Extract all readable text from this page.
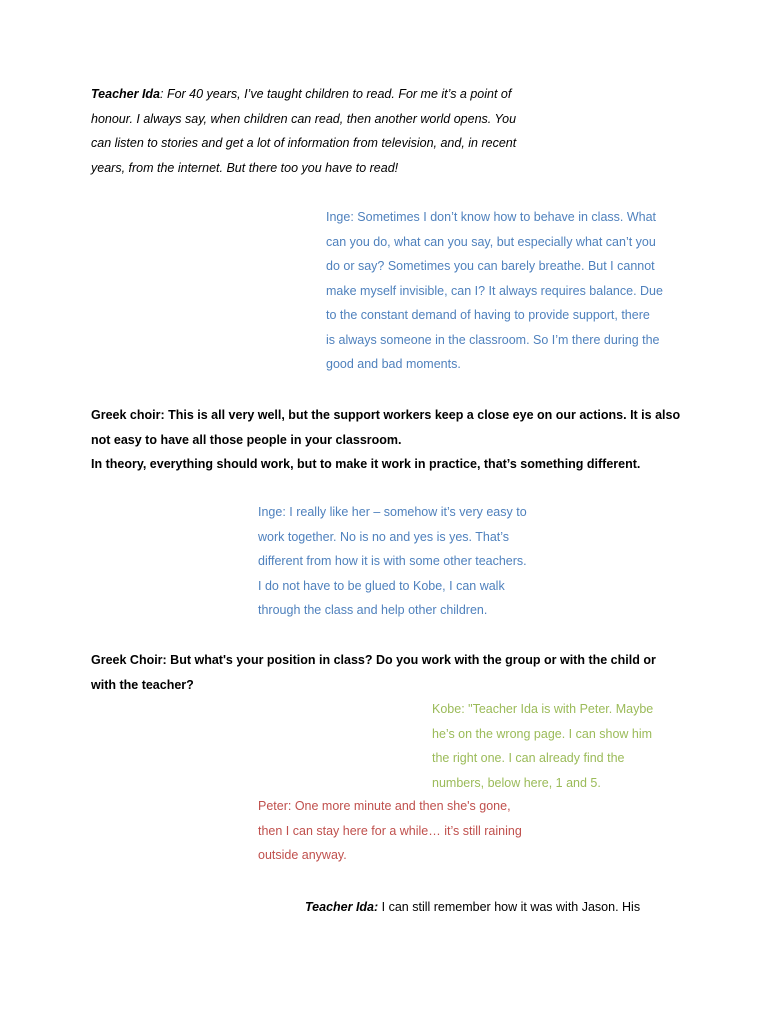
Teacher Ida: For 40 years, I’ve taught children to read. For me it’s a point of
honour. I always say, when children can read, then another world opens. You
can listen to stories and get a lot of information from television, and, in recent
years, from the internet. But there too you have to read!
Inge: Sometimes I don’t know how to behave in class. What
can you do, what can you say, but especially what can’t you
do or say? Sometimes you can barely breathe. But I cannot
make myself invisible, can I? It always requires balance. Due
to the constant demand of having to provide support, there
is always someone in the classroom. So I’m there during the
good and bad moments.
Greek choir: This is all very well, but the support workers keep a close eye on our actions. It is also
not easy to have all those people in your classroom.
In theory, everything should work, but to make it work in practice, that’s something different.
Inge: I really like her – somehow it’s very easy to
work together. No is no and yes is yes. That’s
different from how it is with some other teachers.
I do not have to be glued to Kobe, I can walk
through the class and help other children.
Greek Choir: But what's your position in class? Do you work with the group or with the child or
with the teacher?
Kobe: "Teacher Ida is with Peter. Maybe
he’s on the wrong page. I can show him
the right one. I can already find the
numbers, below here, 1 and 5.
Peter: One more minute and then she's gone,
then I can stay here for a while… it’s still raining
outside anyway.
Teacher Ida: I can still remember how it was with Jason. His
